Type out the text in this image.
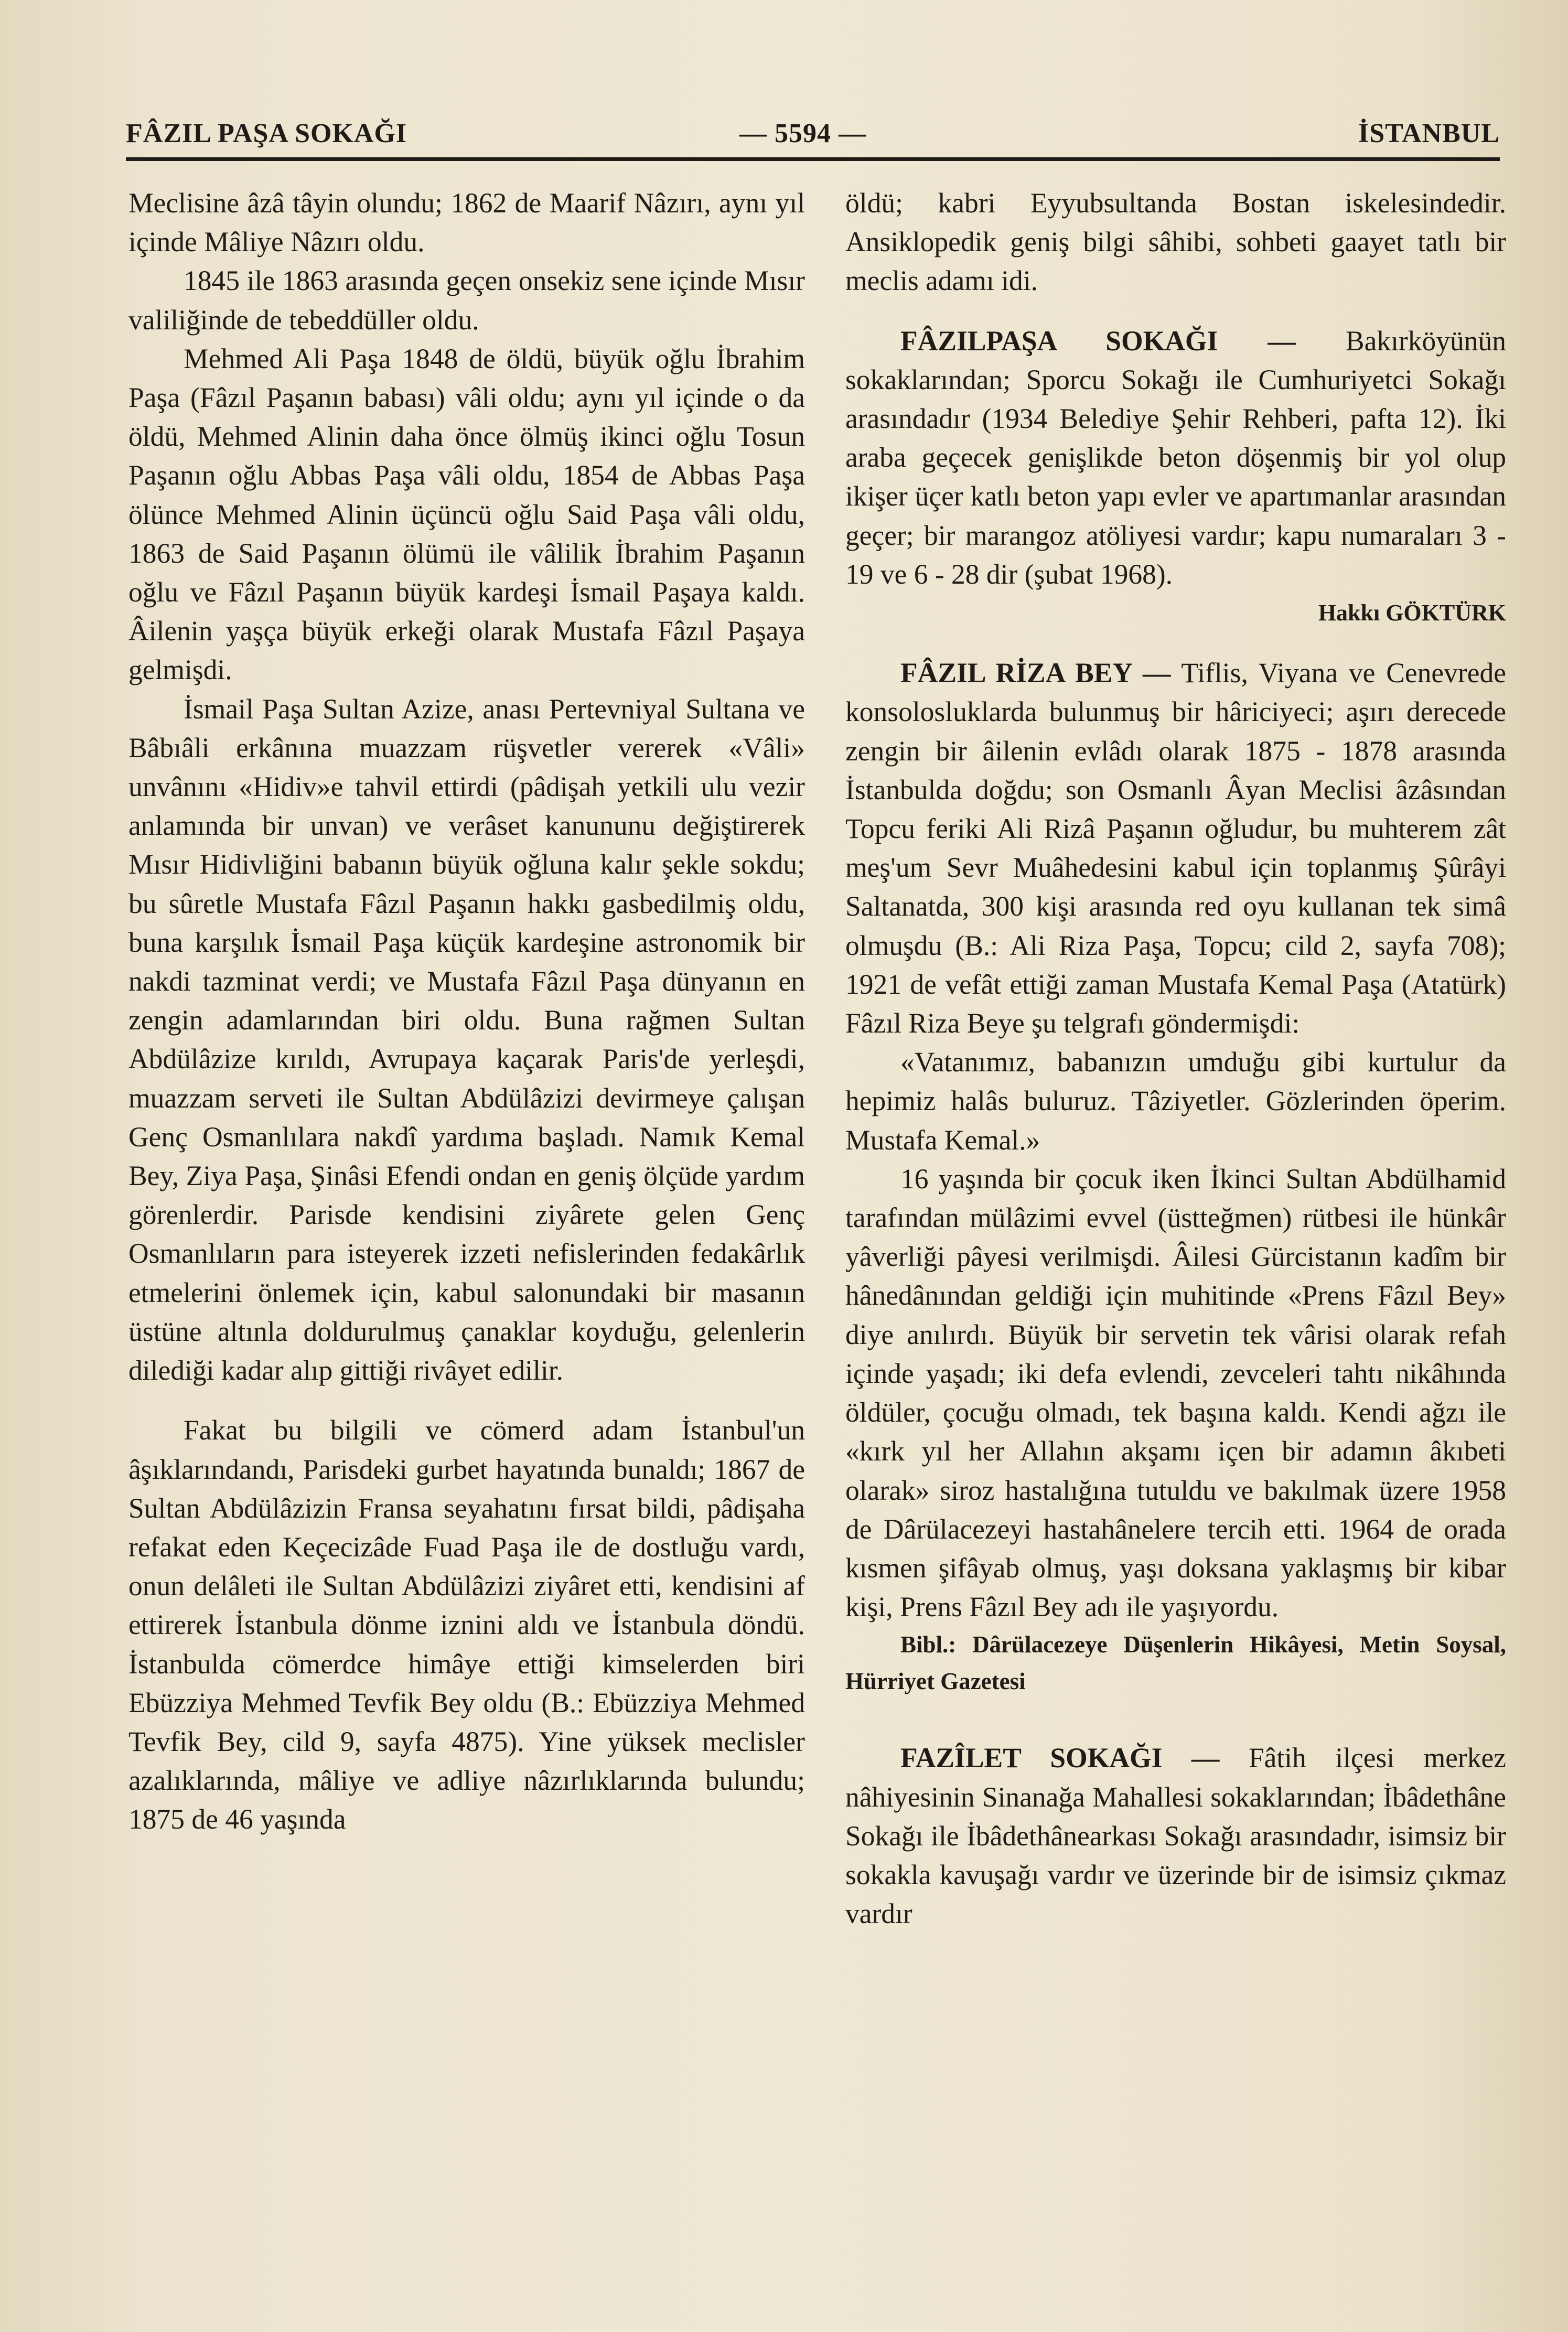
FÂZIL PAŞA SOKAĞI	— 5594 —	İSTANBUL

Meclisine âzâ tâyin olundu; 1862 de Maarif Nâzırı, aynı yıl içinde Mâliye Nâzırı oldu.

1845 ile 1863 arasında geçen onsekiz sene içinde Mısır valiliğinde de tebeddüller oldu.

Mehmed Ali Paşa 1848 de öldü, büyük oğlu İbrahim Paşa (Fâzıl Paşanın babası) vâli oldu; aynı yıl içinde o da öldü, Mehmed Alinin daha önce ölmüş ikinci oğlu Tosun Paşanın oğlu Abbas Paşa vâli oldu, 1854 de Abbas Paşa ölünce Mehmed Alinin üçüncü oğlu Said Paşa vâli oldu, 1863 de Said Paşanın ölümü ile vâlilik İbrahim Paşanın oğlu ve Fâzıl Paşanın büyük kardeşi İsmail Paşaya kaldı. Âilenin yaşça büyük erkeği olarak Mustafa Fâzıl Paşaya gelmişdi.

İsmail Paşa Sultan Azize, anası Pertevniyal Sultana ve Bâbıâli erkânına muazzam rüşvetler vererek «Vâli» unvânını «Hidiv»e tahvil ettirdi (pâdişah yetkili ulu vezir anlamında bir unvan) ve verâset kanununu değiştirerek Mısır Hidivliğini babanın büyük oğluna kalır şekle sokdu; bu sûretle Mustafa Fâzıl Paşanın hakkı gasbedilmiş oldu, buna karşılık İsmail Paşa küçük kardeşine astronomik bir nakdi tazminat verdi; ve Mustafa Fâzıl Paşa dünyanın en zengin adamlarından biri oldu. Buna rağmen Sultan Abdülâzize kırıldı, Avrupaya kaçarak Paris'de yerleşdi, muazzam serveti ile Sultan Abdülâzizi devirmeye çalışan Genç Osmanlılara nakdî yardıma başladı. Namık Kemal Bey, Ziya Paşa, Şinâsi Efendi ondan en geniş ölçüde yardım görenlerdir. Parisde kendisini ziyârete gelen Genç Osmanlıların para isteyerek izzeti nefislerinden fedakârlık etmelerini önlemek için, kabul salonundaki bir masanın üstüne altınla doldurulmuş çanaklar koyduğu, gelenlerin dilediği kadar alıp gittiği rivâyet edilir.

Fakat bu bilgili ve cömerd adam İstanbul'un âşıklarındandı, Parisdeki gurbet hayatında bunaldı; 1867 de Sultan Abdülâzizin Fransa seyahatını fırsat bildi, pâdişaha refakat eden Keçecizâde Fuad Paşa ile de dostluğu vardı, onun delâleti ile Sultan Abdülâzizi ziyâret etti, kendisini af ettirerek İstanbula dönme iznini aldı ve İstanbula döndü. İstanbulda cömerdce himâye ettiği kimselerden biri Ebüzziya Mehmed Tevfik Bey oldu (B.: Ebüzziya Mehmed Tevfik Bey, cild 9, sayfa 4875). Yine yüksek meclisler azalıklarında, mâliye ve adliye nâzırlıklarında bulundu; 1875 de 46 yaşında

öldü; kabri Eyyubsultanda Bostan iskelesindedir. Ansiklopedik geniş bilgi sâhibi, sohbeti gaayet tatlı bir meclis adamı idi.

FÂZILPAŞA SOKAĞI — Bakırköyünün sokaklarından; Sporcu Sokağı ile Cumhuriyetci Sokağı arasındadır (1934 Belediye Şehir Rehberi, pafta 12). İki araba geçecek genişlikde beton döşenmiş bir yol olup ikişer üçer katlı beton yapı evler ve apartımanlar arasından geçer; bir marangoz atöliyesi vardır; kapu numaraları 3 - 19 ve 6 - 28 dir (şubat 1968).

Hakkı GÖKTÜRK

FÂZIL RİZA BEY — Tiflis, Viyana ve Cenevrede konsolosluklarda bulunmuş bir hâriciyeci; aşırı derecede zengin bir âilenin evlâdı olarak 1875 - 1878 arasında İstanbulda doğdu; son Osmanlı Âyan Meclisi âzâsından Topcu feriki Ali Rizâ Paşanın oğludur, bu muhterem zât meş'um Sevr Muâhedesini kabul için toplanmış Şûrâyi Saltanatda, 300 kişi arasında red oyu kullanan tek simâ olmuşdu (B.: Ali Riza Paşa, Topcu; cild 2, sayfa 708); 1921 de vefât ettiği zaman Mustafa Kemal Paşa (Atatürk) Fâzıl Riza Beye şu telgrafı göndermişdi:

«Vatanımız, babanızın umduğu gibi kurtulur da hepimiz halâs buluruz. Tâziyetler. Gözlerinden öperim. Mustafa Kemal.»

16 yaşında bir çocuk iken İkinci Sultan Abdülhamid tarafından mülâzimi evvel (üstteğmen) rütbesi ile hünkâr yâverliği pâyesi verilmişdi. Âilesi Gürcistanın kadîm bir hânedânından geldiği için muhitinde «Prens Fâzıl Bey» diye anılırdı. Büyük bir servetin tek vârisi olarak refah içinde yaşadı; iki defa evlendi, zevceleri tahtı nikâhında öldüler, çocuğu olmadı, tek başına kaldı. Kendi ağzı ile «kırk yıl her Allahın akşamı içen bir adamın âkıbeti olarak» siroz hastalığına tutuldu ve bakılmak üzere 1958 de Dârülacezeyi hastahânelere tercih etti. 1964 de orada kısmen şifâyab olmuş, yaşı doksana yaklaşmış bir kibar kişi, Prens Fâzıl Bey adı ile yaşıyordu.

Bibl.: Dârülacezeye Düşenlerin Hikâyesi, Metin Soysal, Hürriyet Gazetesi

FAZÎLET SOKAĞI — Fâtih ilçesi merkez nâhiyesinin Sinanağa Mahallesi sokaklarından; İbâdethâne Sokağı ile İbâdethânearkası Sokağı arasındadır, isimsiz bir sokakla kavuşağı vardır ve üzerinde bir de isimsiz çıkmaz vardır
